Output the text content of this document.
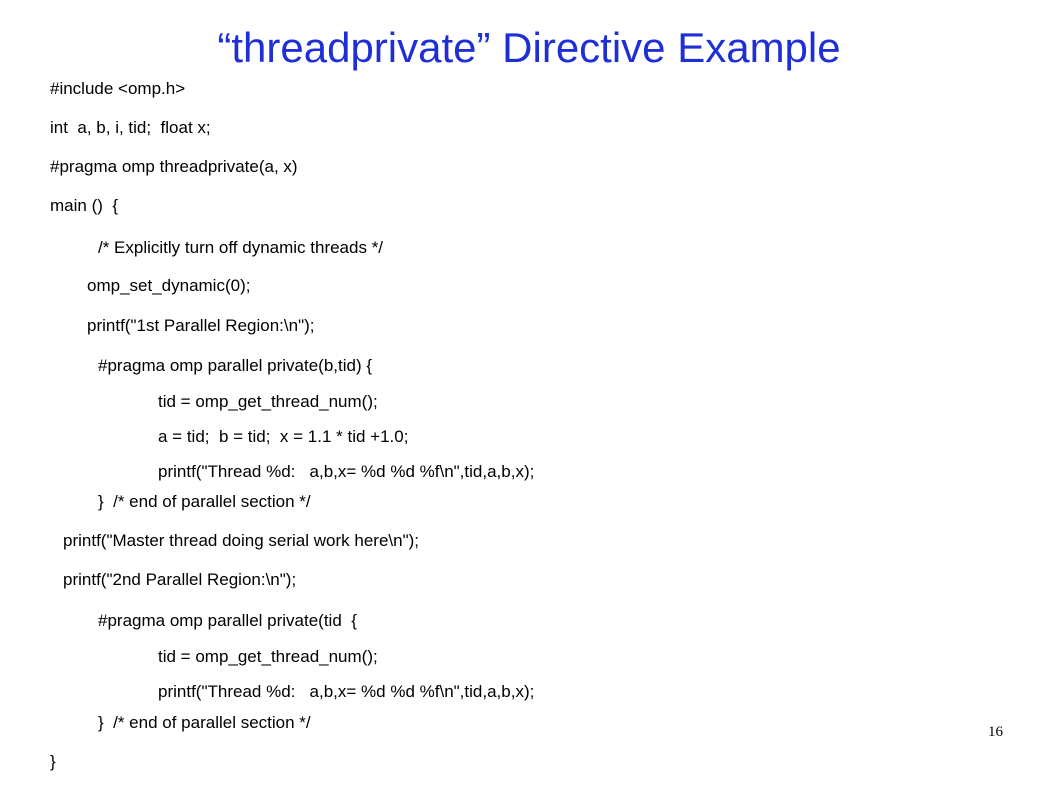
“threadprivate” Directive Example
#include <omp.h>
int  a, b, i, tid;  float x;
#pragma omp threadprivate(a, x)
main ()  {
/* Explicitly turn off dynamic threads */
omp_set_dynamic(0);
printf("1st Parallel Region:\n");
#pragma omp parallel private(b,tid) {
tid = omp_get_thread_num();
a = tid;  b = tid;  x = 1.1 * tid +1.0;
printf("Thread %d:   a,b,x= %d %d %f\n",tid,a,b,x);
}  /* end of parallel section */
printf("Master thread doing serial work here\n");
printf("2nd Parallel Region:\n");
#pragma omp parallel private(tid  {
tid = omp_get_thread_num();
printf("Thread %d:   a,b,x= %d %d %f\n",tid,a,b,x);
}  /* end of parallel section */
}
16
